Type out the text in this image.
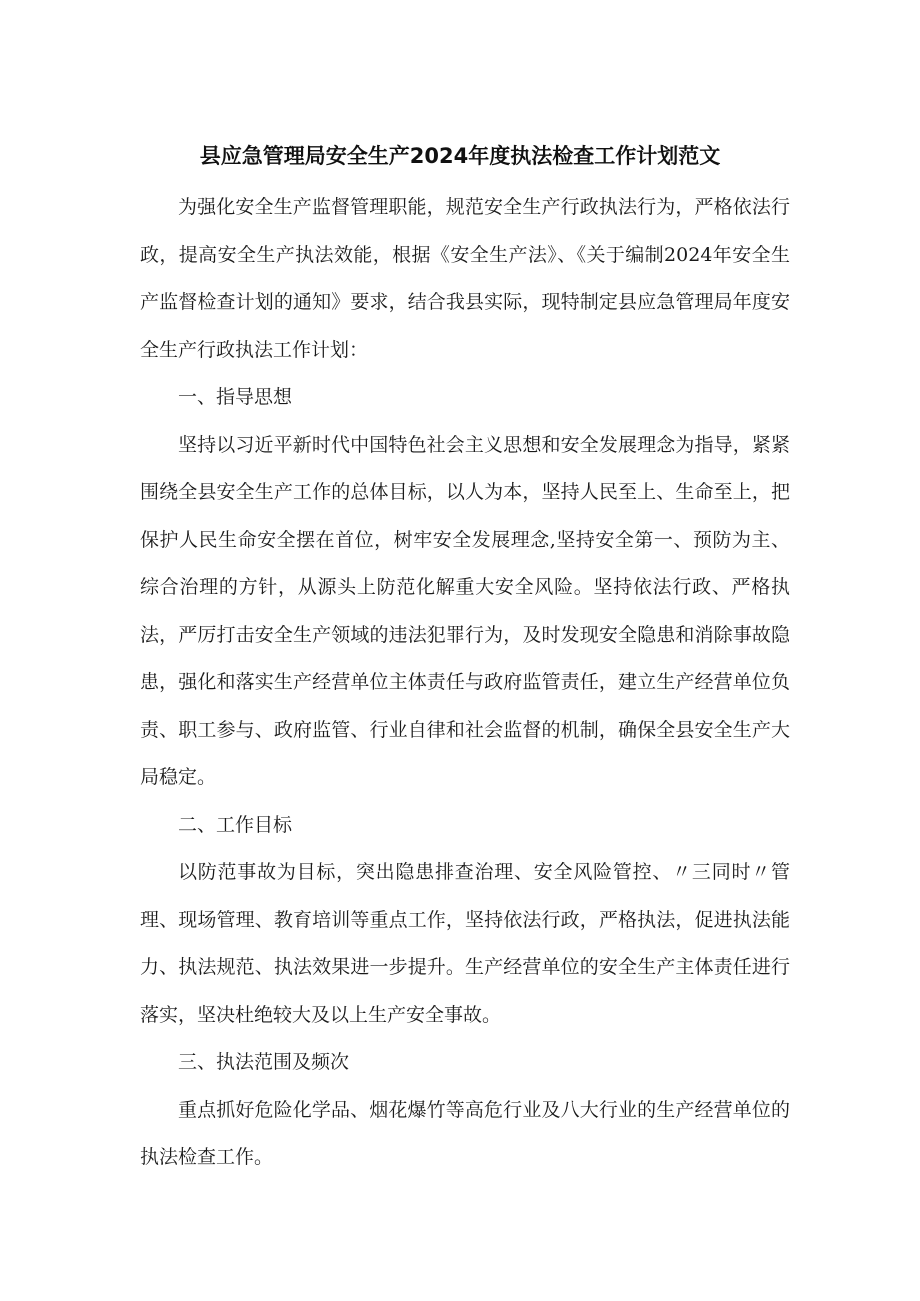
县应急管理局安全生产2024年度执法检查工作计划范文

为强化安全生产监督管理职能，规范安全生产行政执法行为，严格依法行政，提高安全生产执法效能，根据《安全生产法》、《关于编制2024年安全生产监督检查计划的通知》要求，结合我县实际，现特制定县应急管理局年度安全生产行政执法工作计划：

一、指导思想

坚持以习近平新时代中国特色社会主义思想和安全发展理念为指导，紧紧围绕全县安全生产工作的总体目标，以人为本，坚持人民至上、生命至上，把保护人民生命安全摆在首位，树牢安全发展理念,坚持安全第一、预防为主、综合治理的方针，从源头上防范化解重大安全风险。坚持依法行政、严格执法，严厉打击安全生产领域的违法犯罪行为，及时发现安全隐患和消除事故隐患，强化和落实生产经营单位主体责任与政府监管责任，建立生产经营单位负责、职工参与、政府监管、行业自律和社会监督的机制，确保全县安全生产大局稳定。

二、工作目标

以防范事故为目标，突出隐患排查治理、安全风险管控、〃三同时〃管理、现场管理、教育培训等重点工作，坚持依法行政，严格执法，促进执法能力、执法规范、执法效果进一步提升。生产经营单位的安全生产主体责任进行落实，坚决杜绝较大及以上生产安全事故。

三、执法范围及频次

重点抓好危险化学品、烟花爆竹等高危行业及八大行业的生产经营单位的执法检查工作。
